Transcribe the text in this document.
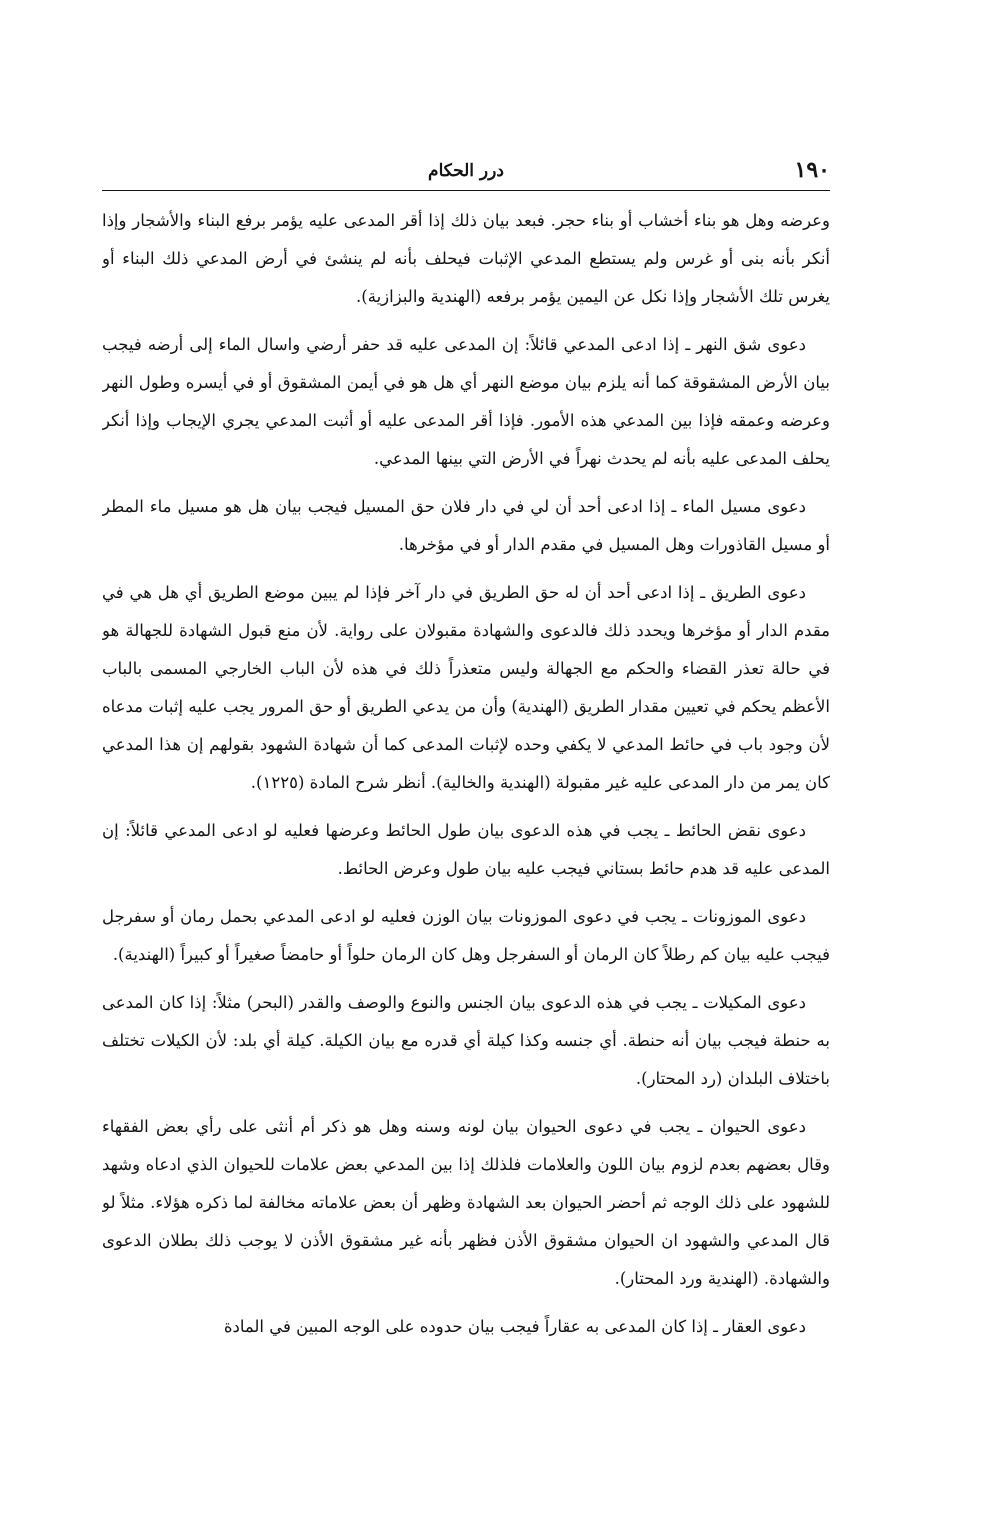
١٩٠
درر الحكام

وعرضه وهل هو بناء أخشاب أو بناء حجر. فبعد بيان ذلك إذا أقر المدعى عليه يؤمر برفع البناء والأشجار وإذا أنكر بأنه بنى أو غرس ولم يستطع المدعي الإثبات فيحلف بأنه لم ينشئ في أرض المدعي ذلك البناء أو يغرس تلك الأشجار وإذا نكل عن اليمين يؤمر برفعه (الهندية والبزازية).

دعوى شق النهر ـ إذا ادعى المدعي قائلاً: إن المدعى عليه قد حفر أرضي واسال الماء إلى أرضه فيجب بيان الأرض المشقوقة كما أنه يلزم بيان موضع النهر أي هل هو في أيمن المشقوق أو في أيسره وطول النهر وعرضه وعمقه فإذا بين المدعي هذه الأمور. فإذا أقر المدعى عليه أو أثبت المدعي يجري الإيجاب وإذا أنكر يحلف المدعى عليه بأنه لم يحدث نهراً في الأرض التي بينها المدعي.

دعوى مسيل الماء ـ إذا ادعى أحد أن لي في دار فلان حق المسيل فيجب بيان هل هو مسيل ماء المطر أو مسيل القاذورات وهل المسيل في مقدم الدار أو في مؤخرها.

دعوى الطريق ـ إذا ادعى أحد أن له حق الطريق في دار آخر فإذا لم يبين موضع الطريق أي هل هي في مقدم الدار أو مؤخرها ويحدد ذلك فالدعوى والشهادة مقبولان على رواية. لأن منع قبول الشهادة للجهالة هو في حالة تعذر القضاء والحكم مع الجهالة وليس متعذراً ذلك في هذه لأن الباب الخارجي المسمى بالباب الأعظم يحكم في تعيين مقدار الطريق (الهندية) وأن من يدعي الطريق أو حق المرور يجب عليه إثبات مدعاه لأن وجود باب في حائط المدعي لا يكفي وحده لإثبات المدعى كما أن شهادة الشهود بقولهم إن هذا المدعي كان يمر من دار المدعى عليه غير مقبولة (الهندية والخالية). أنظر شرح المادة (١٢٢٥).

دعوى نقض الحائط ـ يجب في هذه الدعوى بيان طول الحائط وعرضها فعليه لو ادعى المدعي قائلاً: إن المدعى عليه قد هدم حائط بستاني فيجب عليه بيان طول وعرض الحائط.

دعوى الموزونات ـ يجب في دعوى الموزونات بيان الوزن فعليه لو ادعى المدعي بحمل رمان أو سفرجل فيجب عليه بيان كم رطلاً كان الرمان أو السفرجل وهل كان الرمان حلواً أو حامضاً صغيراً أو كبيراً (الهندية).

دعوى المكيلات ـ يجب في هذه الدعوى بيان الجنس والنوع والوصف والقدر (البحر) مثلاً: إذا كان المدعى به حنطة فيجب بيان أنه حنطة. أي جنسه وكذا كيلة أي قدره مع بيان الكيلة. كيلة أي بلد: لأن الكيلات تختلف باختلاف البلدان (رد المحتار).

دعوى الحيوان ـ يجب في دعوى الحيوان بيان لونه وسنه وهل هو ذكر أم أنثى على رأي بعض الفقهاء وقال بعضهم بعدم لزوم بيان اللون والعلامات فلذلك إذا بين المدعي بعض علامات للحيوان الذي ادعاه وشهد للشهود على ذلك الوجه ثم أحضر الحيوان بعد الشهادة وظهر أن بعض علاماته مخالفة لما ذكره هؤلاء. مثلاً لو قال المدعي والشهود ان الحيوان مشقوق الأذن فظهر بأنه غير مشقوق الأذن لا يوجب ذلك بطلان الدعوى والشهادة. (الهندية ورد المحتار).

دعوى العقار ـ إذا كان المدعى به عقاراً فيجب بيان حدوده على الوجه المبين في المادة
